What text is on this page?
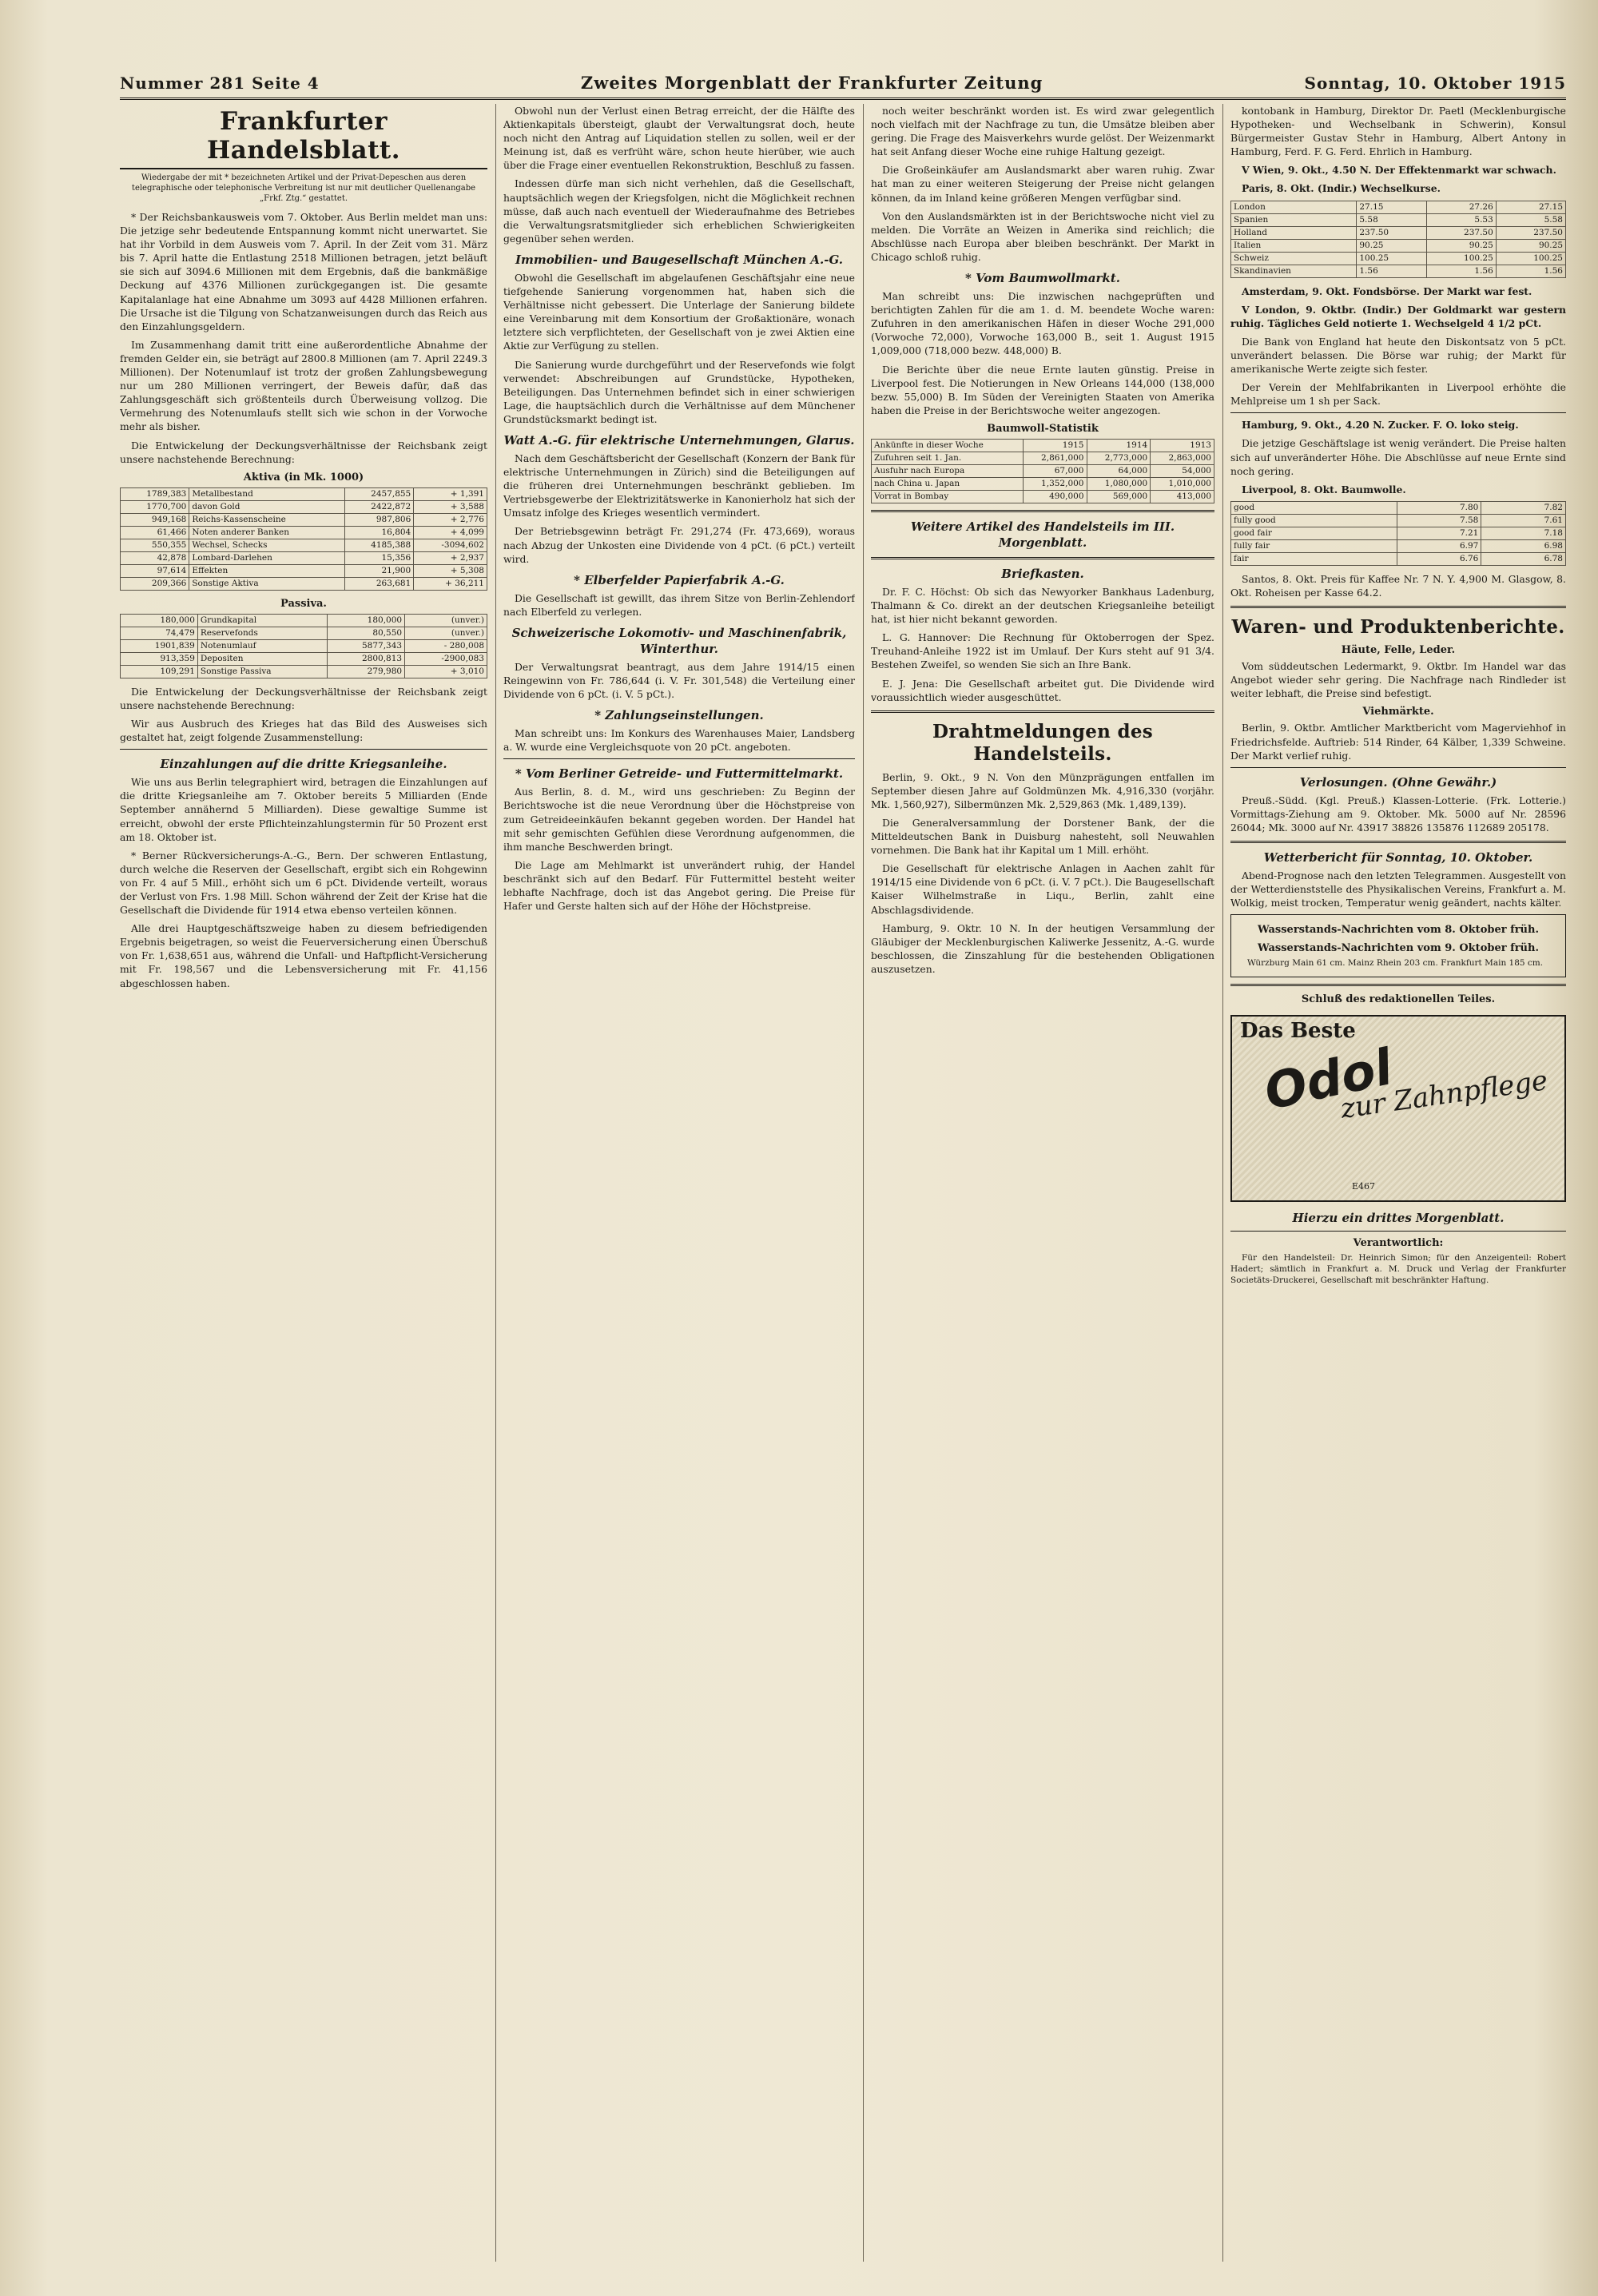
Nummer 281 Seite 4	Zweites Morgenblatt der Frankfurter Zeitung	Sonntag, 10. Oktober 1915
Frankfurter Handelsblatt.
Wiedergabe der mit * bezeichneten Artikel und der Privat-Depeschen aus deren telegraphische oder telephonische Verbreitung ist nur mit deutlicher Quellenangabe „Frkf. Ztg.“ gestattet.

* Der Reichsbankausweis vom 7. Oktober. Aus Berlin meldet man uns: Die jetzige sehr bedeutende Entspannung kommt nicht unerwartet. Sie hat ihr Vorbild in dem Ausweis vom 7. April. In der Zeit vom 31. März bis 7. April hatte die Entlastung 2518 Millionen betragen, jetzt beläuft sie sich auf 3094.6 Millionen mit dem Ergebnis, daß die bankmäßige Deckung auf 4376 Millionen zurückgegangen ist. Die gesamte Kapitalanlage hat eine Abnahme um 3093 auf 4428 Millionen erfahren. Die Ursache ist die Tilgung von Schatzanweisungen durch das Reich aus den Einzahlungsgeldern.

Im Zusammenhang damit tritt eine außerordentliche Abnahme der fremden Gelder ein, sie beträgt auf 2800.8 Millionen (am 7. April 2249.3 Millionen). Der Notenumlauf ist trotz der großen Zahlungsbewegung nur um 280 Millionen verringert, der Beweis dafür, daß das Zahlungsgeschäft sich größtenteils durch Überweisung vollzog. Die Vermehrung des Notenumlaufs stellt sich wie schon in der Vorwoche mehr als bisher.

Die Entwickelung der Deckungsverhältnisse der Reichsbank zeigt unsere nachstehende Berechnung:

Aktiva (in Mk. 1000)
1789,383	Metallbestand	2457,855	+ 1,391
1770,700	davon Gold	2422,872	+ 3,588
949,168	Reichs-Kassenscheine	987,806	+ 2,776
61,466	Noten anderer Banken	16,804	+ 4,099
550,355	Wechsel, Schecks	4185,388	-3094,602
42,878	Lombard-Darlehen	15,356	+ 2,937
97,614	Effekten	21,900	+ 5,308
209,366	Sonstige Aktiva	263,681	+ 36,211
Passiva.
180,000	Grundkapital	180,000	(unver.)
74,479	Reservefonds	80,550	(unver.)
1901,839	Notenumlauf	5877,343	- 280,008
913,359	Depositen	2800,813	-2900,083
109,291	Sonstige Passiva	279,980	+ 3,010

Die Entwickelung der Deckungsverhältnisse der Reichsbank zeigt unsere nachstehende Berechnung:

Wir aus Ausbruch des Krieges hat das Bild des Ausweises sich gestaltet hat, zeigt folgende Zusammenstellung:

Einzahlungen auf die dritte Kriegsanleihe.

Wie uns aus Berlin telegraphiert wird, betragen die Einzahlungen auf die dritte Kriegsanleihe am 7. Oktober bereits 5 Milliarden (Ende September annähernd 5 Milliarden). Diese gewaltige Summe ist erreicht, obwohl der erste Pflichteinzahlungstermin für 50 Prozent erst am 18. Oktober ist.

* Berner Rückversicherungs-A.-G., Bern. Der schweren Entlastung, durch welche die Reserven der Gesellschaft, ergibt sich ein Rohgewinn von Fr. 4 auf 5 Mill., erhöht sich um 6 pCt. Dividende verteilt, woraus der Verlust von Frs. 1.98 Mill. Schon während der Zeit der Krise hat die Gesellschaft die Dividende für 1914 etwa ebenso verteilen können.

Alle drei Hauptgeschäftszweige haben zu diesem befriedigenden Ergebnis beigetragen, so weist die Feuerversicherung einen Überschuß von Fr. 1,638,651 aus, während die Unfall- und Haftpflicht-Versicherung mit Fr. 198,567 und die Lebensversicherung mit Fr. 41,156 abgeschlossen haben.

Obwohl nun der Verlust einen Betrag erreicht, der die Hälfte des Aktienkapitals übersteigt, glaubt der Verwaltungsrat doch, heute noch nicht den Antrag auf Liquidation stellen zu sollen, weil er der Meinung ist, daß es verfrüht wäre, schon heute hierüber, wie auch über die Frage einer eventuellen Rekonstruktion, Beschluß zu fassen.

Indessen dürfe man sich nicht verhehlen, daß die Gesellschaft, hauptsächlich wegen der Kriegsfolgen, nicht die Möglichkeit rechnen müsse, daß auch nach eventuell der Wiederaufnahme des Betriebes die Verwaltungsratsmitglieder sich erheblichen Schwierigkeiten gegenüber sehen werden.

Immobilien- und Baugesellschaft München A.-G.

Obwohl die Gesellschaft im abgelaufenen Geschäftsjahr eine neue tiefgehende Sanierung vorgenommen hat, haben sich die Verhältnisse nicht gebessert. Die Unterlage der Sanierung bildete eine Vereinbarung mit dem Konsortium der Großaktionäre, wonach letztere sich verpflichteten, der Gesellschaft von je zwei Aktien eine Aktie zur Verfügung zu stellen.

Die Sanierung wurde durchgeführt und der Reservefonds wie folgt verwendet: Abschreibungen auf Grundstücke, Hypotheken, Beteiligungen. Das Unternehmen befindet sich in einer schwierigen Lage, die hauptsächlich durch die Verhältnisse auf dem Münchener Grundstücksmarkt bedingt ist.

Watt A.-G. für elektrische Unternehmungen, Glarus.

Nach dem Geschäftsbericht der Gesellschaft (Konzern der Bank für elektrische Unternehmungen in Zürich) sind die Beteiligungen auf die früheren drei Unternehmungen beschränkt geblieben. Im Vertriebsgewerbe der Elektrizitätswerke in Kanonierholz hat sich der Umsatz infolge des Krieges wesentlich vermindert.

Der Betriebsgewinn beträgt Fr. 291,274 (Fr. 473,669), woraus nach Abzug der Unkosten eine Dividende von 4 pCt. (6 pCt.) verteilt wird.

* Elberfelder Papierfabrik A.-G.

Die Gesellschaft ist gewillt, das ihrem Sitze von Berlin-Zehlendorf nach Elberfeld zu verlegen.

Schweizerische Lokomotiv- und Maschinenfabrik, Winterthur.

Der Verwaltungsrat beantragt, aus dem Jahre 1914/15 einen Reingewinn von Fr. 786,644 (i. V. Fr. 301,548) die Verteilung einer Dividende von 6 pCt. (i. V. 5 pCt.).

* Zahlungseinstellungen.

Man schreibt uns: Im Konkurs des Warenhauses Maier, Landsberg a. W. wurde eine Vergleichsquote von 20 pCt. angeboten.

* Vom Berliner Getreide- und Futtermittelmarkt.

Aus Berlin, 8. d. M., wird uns geschrieben: Zu Beginn der Berichtswoche ist die neue Verordnung über die Höchstpreise von zum Getreideeinkäufen bekannt gegeben worden. Der Handel hat mit sehr gemischten Gefühlen diese Verordnung aufgenommen, die ihm manche Beschwerden bringt.

Die Lage am Mehlmarkt ist unverändert ruhig, der Handel beschränkt sich auf den Bedarf. Für Futtermittel besteht weiter lebhafte Nachfrage, doch ist das Angebot gering. Die Preise für Hafer und Gerste halten sich auf der Höhe der Höchstpreise.

noch weiter beschränkt worden ist. Es wird zwar gelegentlich noch vielfach mit der Nachfrage zu tun, die Umsätze bleiben aber gering. Die Frage des Maisverkehrs wurde gelöst. Der Weizenmarkt hat seit Anfang dieser Woche eine ruhige Haltung gezeigt.

Die Großeinkäufer am Auslandsmarkt aber waren ruhig. Zwar hat man zu einer weiteren Steigerung der Preise nicht gelangen können, da im Inland keine größeren Mengen verfügbar sind.

Von den Auslandsmärkten ist in der Berichtswoche nicht viel zu melden. Die Vorräte an Weizen in Amerika sind reichlich; die Abschlüsse nach Europa aber bleiben beschränkt. Der Markt in Chicago schloß ruhig.

* Vom Baumwollmarkt.

Man schreibt uns: Die inzwischen nachgeprüften und berichtigten Zahlen für die am 1. d. M. beendete Woche waren: Zufuhren in den amerikanischen Häfen in dieser Woche 291,000 (Vorwoche 72,000), Vorwoche 163,000 B., seit 1. August 1915 1,009,000 (718,000 bezw. 448,000) B.

Die Berichte über die neue Ernte lauten günstig. Preise in Liverpool fest. Die Notierungen in New Orleans 144,000 (138,000 bezw. 55,000) B. Im Süden der Vereinigten Staaten von Amerika haben die Preise in der Berichtswoche weiter angezogen.

Baumwoll-Statistik
Ankünfte in dieser Woche	1915	1914	1913
Zufuhren seit 1. Jan.	2,861,000	2,773,000	2,863,000
Ausfuhr nach Europa	67,000	64,000	54,000
nach China u. Japan	1,352,000	1,080,000	1,010,000
Vorrat in Bombay	490,000	569,000	413,000
Weitere Artikel des Handelsteils im III. Morgenblatt.
Briefkasten.

Dr. F. C. Höchst: Ob sich das Newyorker Bankhaus Ladenburg, Thalmann & Co. direkt an der deutschen Kriegsanleihe beteiligt hat, ist hier nicht bekannt geworden.

L. G. Hannover: Die Rechnung für Oktoberrogen der Spez. Treuhand-Anleihe 1922 ist im Umlauf. Der Kurs steht auf 91 3/4. Bestehen Zweifel, so wenden Sie sich an Ihre Bank.

E. J. Jena: Die Gesellschaft arbeitet gut. Die Dividende wird voraussichtlich wieder ausgeschüttet.

Drahtmeldungen des Handelsteils.

Berlin, 9. Okt., 9 N. Von den Münzprägungen entfallen im September diesen Jahre auf Goldmünzen Mk. 4,916,330 (vorjähr. Mk. 1,560,927), Silbermünzen Mk. 2,529,863 (Mk. 1,489,139).

Die Generalversammlung der Dorstener Bank, der die Mitteldeutschen Bank in Duisburg nahesteht, soll Neuwahlen vornehmen. Die Bank hat ihr Kapital um 1 Mill. erhöht.

Die Gesellschaft für elektrische Anlagen in Aachen zahlt für 1914/15 eine Dividende von 6 pCt. (i. V. 7 pCt.). Die Baugesellschaft Kaiser Wilhelmstraße in Liqu., Berlin, zahlt eine Abschlagsdividende.

Hamburg, 9. Oktr. 10 N. In der heutigen Versammlung der Gläubiger der Mecklenburgischen Kaliwerke Jessenitz, A.-G. wurde beschlossen, die Zinszahlung für die bestehenden Obligationen auszusetzen.

kontobank in Hamburg, Direktor Dr. Paetl (Mecklenburgische Hypotheken- und Wechselbank in Schwerin), Konsul Bürgermeister Gustav Stehr in Hamburg, Albert Antony in Hamburg, Ferd. F. G. Ferd. Ehrlich in Hamburg.

V Wien, 9. Okt., 4.50 N. Der Effektenmarkt war schwach.

Paris, 8. Okt. (Indir.) Wechselkurse.

London	27.15	27.26	27.15
Spanien	5.58	5.53	5.58
Holland	237.50	237.50	237.50
Italien	90.25	90.25	90.25
Schweiz	100.25	100.25	100.25
Skandinavien	1.56	1.56	1.56

Amsterdam, 9. Okt. Fondsbörse. Der Markt war fest.

V London, 9. Oktbr. (Indir.) Der Goldmarkt war gestern ruhig. Tägliches Geld notierte 1. Wechselgeld 4 1/2 pCt.

Die Bank von England hat heute den Diskontsatz von 5 pCt. unverändert belassen. Die Börse war ruhig; der Markt für amerikanische Werte zeigte sich fester.

Der Verein der Mehlfabrikanten in Liverpool erhöhte die Mehlpreise um 1 sh per Sack.

Hamburg, 9. Okt., 4.20 N. Zucker. F. O. loko steig.

Die jetzige Geschäftslage ist wenig verändert. Die Preise halten sich auf unveränderter Höhe. Die Abschlüsse auf neue Ernte sind noch gering.

Liverpool, 8. Okt. Baumwolle.

good	7.80	7.82
fully good	7.58	7.61
good fair	7.21	7.18
fully fair	6.97	6.98
fair	6.76	6.78

Santos, 8. Okt. Preis für Kaffee Nr. 7 N. Y. 4,900 M. Glasgow, 8. Okt. Roheisen per Kasse 64.2.

Waren- und Produktenberichte.
Häute, Felle, Leder.

Vom süddeutschen Ledermarkt, 9. Oktbr. Im Handel war das Angebot wieder sehr gering. Die Nachfrage nach Rindleder ist weiter lebhaft, die Preise sind befestigt.

Viehmärkte.

Berlin, 9. Oktbr. Amtlicher Marktbericht vom Magerviehhof in Friedrichsfelde. Auftrieb: 514 Rinder, 64 Kälber, 1,339 Schweine. Der Markt verlief ruhig.

Verlosungen. (Ohne Gewähr.)

Preuß.-Südd. (Kgl. Preuß.) Klassen-Lotterie. (Frk. Lotterie.) Vormittags-Ziehung am 9. Oktober. Mk. 5000 auf Nr. 28596 26044; Mk. 3000 auf Nr. 43917 38826 135876 112689 205178.

Wetterbericht für Sonntag, 10. Oktober.

Abend-Prognose nach den letzten Telegrammen. Ausgestellt von der Wetterdienststelle des Physikalischen Vereins, Frankfurt a. M. Wolkig, meist trocken, Temperatur wenig geändert, nachts kälter.

Wasserstands-Nachrichten vom 8. Oktober früh.
Wasserstands-Nachrichten vom 9. Oktober früh.

Würzburg Main 61 cm. Mainz Rhein 203 cm. Frankfurt Main 185 cm.

Schluß des redaktionellen Teiles.
Das Beste
Odol
zur Zahnpflege
E467
Hierzu ein drittes Morgenblatt.
Verantwortlich:

Für den Handelsteil: Dr. Heinrich Simon; für den Anzeigenteil: Robert Hadert; sämtlich in Frankfurt a. M. Druck und Verlag der Frankfurter Societäts-Druckerei, Gesellschaft mit beschränkter Haftung.
